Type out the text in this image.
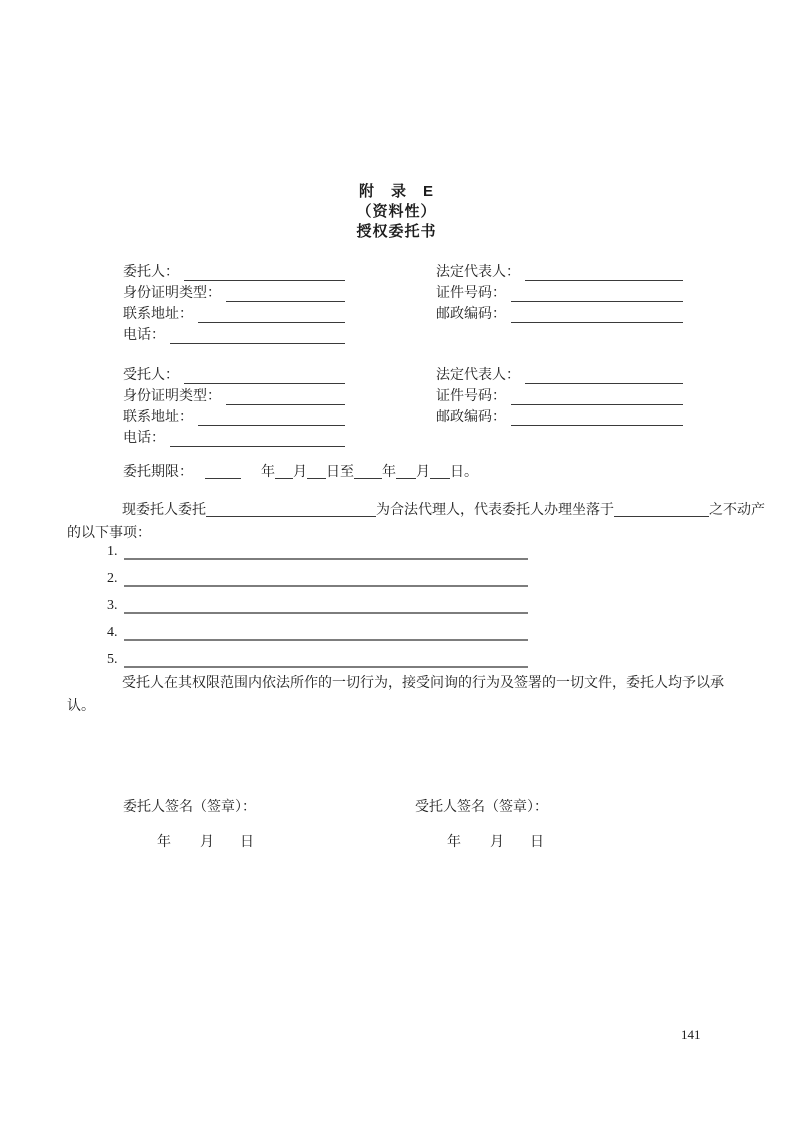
附　录　E
（资料性）
授权委托书
委托人：	法定代表人：
身份证明类型：	证件号码：
联系地址：	邮政编码：
电话：
受托人：	法定代表人：
身份证明类型：	证件号码：
联系地址：	邮政编码：
电话：
委托期限：	年 月 日至 年 月 日。
现委托人委托	为合法代理人，代表委托人办理坐落于	之不动产
的以下事项：
1.
2.
3.
4.
5.
受托人在其权限范围内依法所作的一切行为，接受问询的行为及签署的一切文件，委托人均予以承
认。
委托人签名（签章）：	受托人签名（签章）：
年 月 日	年 月 日
141
